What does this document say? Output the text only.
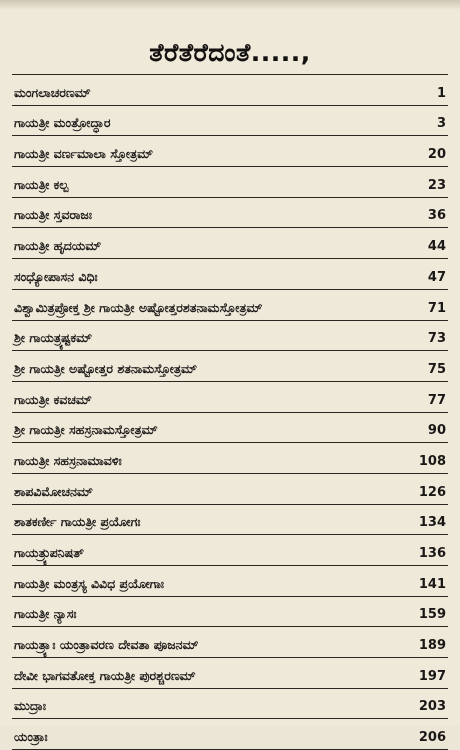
ತೆರೆತೆರೆದಂತೆ.....,
ಮಂಗಲಾಚರಣಮ್	1
ಗಾಯತ್ರೀ ಮಂತ್ರೋದ್ಧಾರ	3
ಗಾಯತ್ರೀ ವರ್ಣಮಾಲಾ ಸ್ತೋತ್ರಮ್	20
ಗಾಯತ್ರೀ ಕಲ್ಪ	23
ಗಾಯತ್ರೀ ಸ್ತವರಾಜಃ	36
ಗಾಯತ್ರೀ ಹೃದಯಮ್	44
ಸಂಧ್ಯೋಪಾಸನ ವಿಧಿಃ	47
ವಿಶ್ವಾಮಿತ್ರಪ್ರೋಕ್ತ ಶ್ರೀ ಗಾಯತ್ರೀ ಅಷ್ಟೋತ್ತರಶತನಾಮಸ್ತೋತ್ರಮ್	71
ಶ್ರೀ ಗಾಯತ್ರ್ಯಷ್ಟಕಮ್	73
ಶ್ರೀ ಗಾಯತ್ರೀ ಅಷ್ಟೋತ್ತರ ಶತನಾಮಸ್ತೋತ್ರಮ್	75
ಗಾಯತ್ರೀ ಕವಚಮ್	77
ಶ್ರೀ ಗಾಯತ್ರೀ ಸಹಸ್ರನಾಮಸ್ತೋತ್ರಮ್	90
ಗಾಯತ್ರೀ ಸಹಸ್ರನಾಮಾವಳಿಃ	108
ಶಾಪವಿಮೋಚನಮ್	126
ಶಾತಕರ್ಣೀ ಗಾಯತ್ರೀ ಪ್ರಯೋಗಃ	134
ಗಾಯತ್ರ್ಯುಪನಿಷತ್	136
ಗಾಯತ್ರೀ ಮಂತ್ರಸ್ಯ ವಿವಿಧ ಪ್ರಯೋಗಾಃ	141
ಗಾಯತ್ರೀ ನ್ಯಾಸಃ	159
ಗಾಯತ್ರ್ಯಾಃ ಯಂತ್ರಾವರಣ ದೇವತಾ ಪೂಜನಮ್	189
ದೇವೀ ಭಾಗವತೋಕ್ತ ಗಾಯತ್ರೀ ಪುರಶ್ಚರಣಮ್	197
ಮುದ್ರಾಃ	203
ಯಂತ್ರಾಃ	206
